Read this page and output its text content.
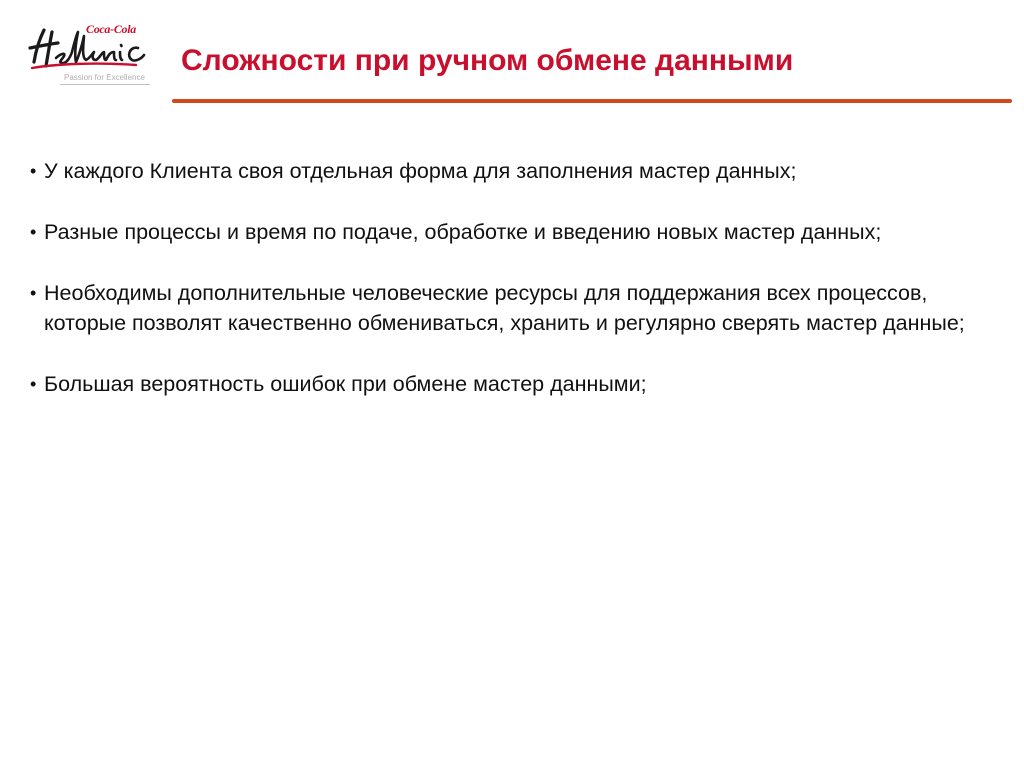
Coca-Cola
Passion for Excellence
Сложности при ручном обмене данными
• У каждого Клиента своя отдельная форма для заполнения мастер данных;
• Разные процессы и время по подаче, обработке и введению новых мастер данных;
• Необходимы дополнительные человеческие ресурсы для поддержания всех процессов, которые позволят качественно обмениваться, хранить и регулярно сверять мастер данные;
• Большая вероятность ошибок при обмене мастер данными;
